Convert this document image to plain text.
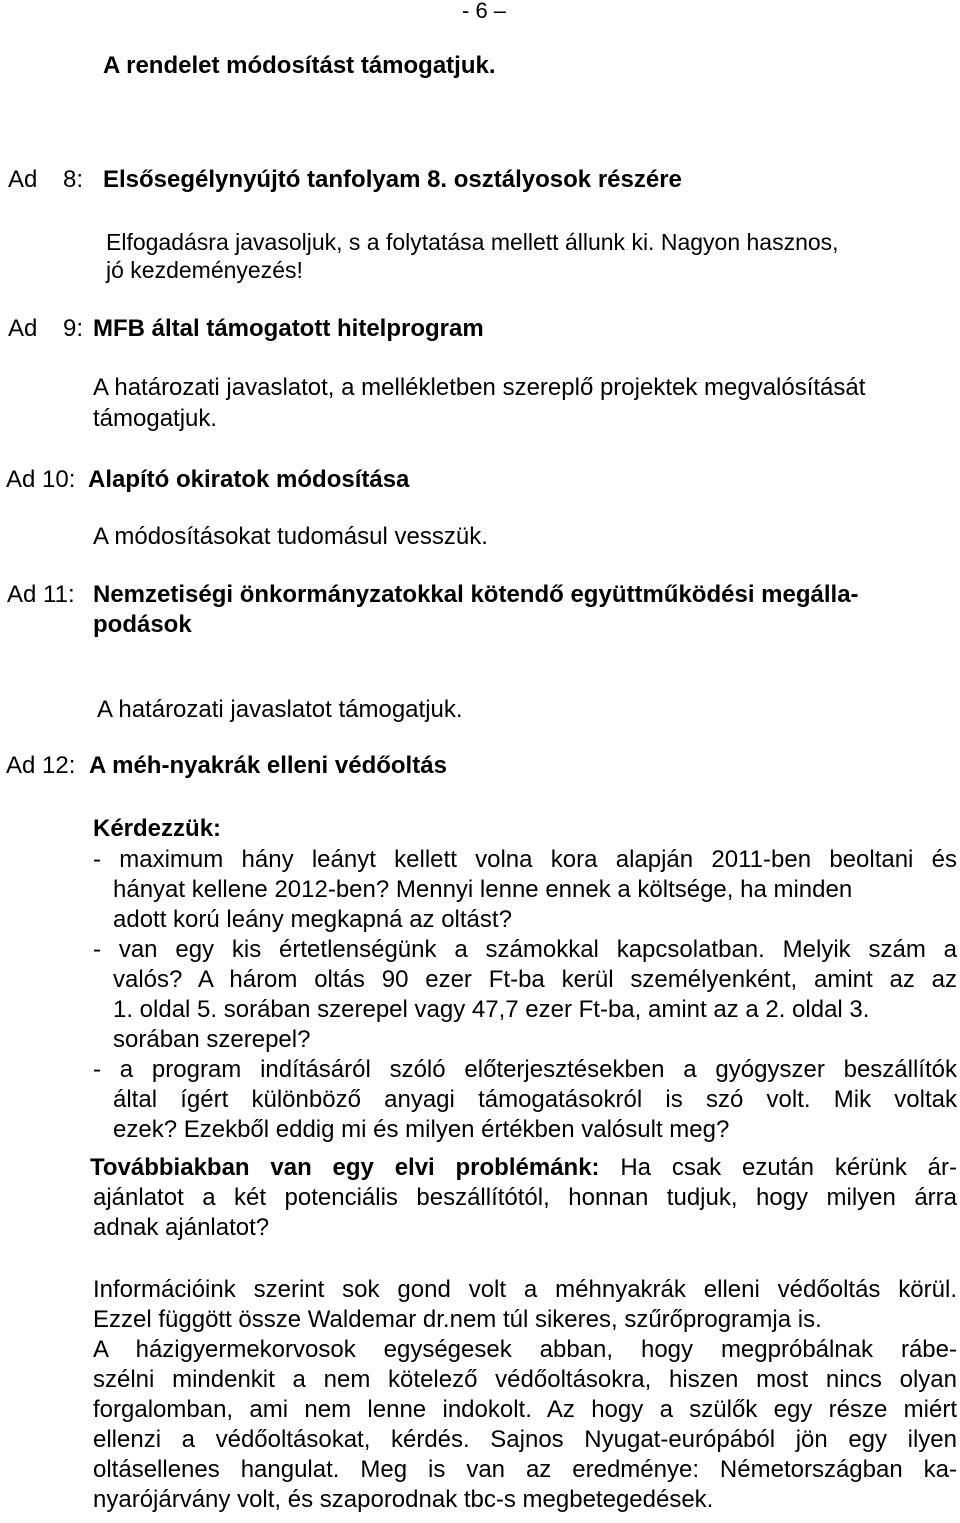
- 6 –
A rendelet módosítást támogatjuk.
Ad 8: Elsősegélynyújtó tanfolyam 8. osztályosok részére
Elfogadásra javasoljuk, s a folytatása mellett állunk ki. Nagyon hasznos,
jó kezdeményezés!
Ad 9: MFB által támogatott hitelprogram
A határozati javaslatot, a mellékletben szereplő projektek megvalósítását
támogatjuk.
Ad 10: Alapító okiratok módosítása
A módosításokat tudomásul vesszük.
Ad 11: Nemzetiségi önkormányzatokkal kötendő együttműködési megálla-
podások
A határozati javaslatot támogatjuk.
Ad 12: A méh-nyakrák elleni védőoltás
Kérdezzük:
- maximum hány leányt kellett volna kora alapján 2011-ben beoltani és
hányat kellene 2012-ben? Mennyi lenne ennek a költsége, ha minden
adott korú leány megkapná az oltást?
- van egy kis értetlenségünk a számokkal kapcsolatban. Melyik szám a
valós? A három oltás 90 ezer Ft-ba kerül személyenként, amint az az
1. oldal 5. sorában szerepel vagy 47,7 ezer Ft-ba, amint az a 2. oldal 3.
sorában szerepel?
- a program indításáról szóló előterjesztésekben a gyógyszer beszállítók
által ígért különböző anyagi támogatásokról is szó volt. Mik voltak
ezek? Ezekből eddig mi és milyen értékben valósult meg?
Továbbiakban van egy elvi problémánk: Ha csak ezután kérünk ár-
ajánlatot a két potenciális beszállítótól, honnan tudjuk, hogy milyen árra
adnak ajánlatot?
Információink szerint sok gond volt a méhnyakrák elleni védőoltás körül.
Ezzel függött össze Waldemar dr.nem túl sikeres, szűrőprogramja is.
A házigyermekorvosok egységesek abban, hogy megpróbálnak rábe-
szélni mindenkit a nem kötelező védőoltásokra, hiszen most nincs olyan
forgalomban, ami nem lenne indokolt. Az hogy a szülők egy része miért
ellenzi a védőoltásokat, kérdés. Sajnos Nyugat-európából jön egy ilyen
oltásellenes hangulat. Meg is van az eredménye: Németországban ka-
nyarójárvány volt, és szaporodnak tbc-s megbetegedések.
